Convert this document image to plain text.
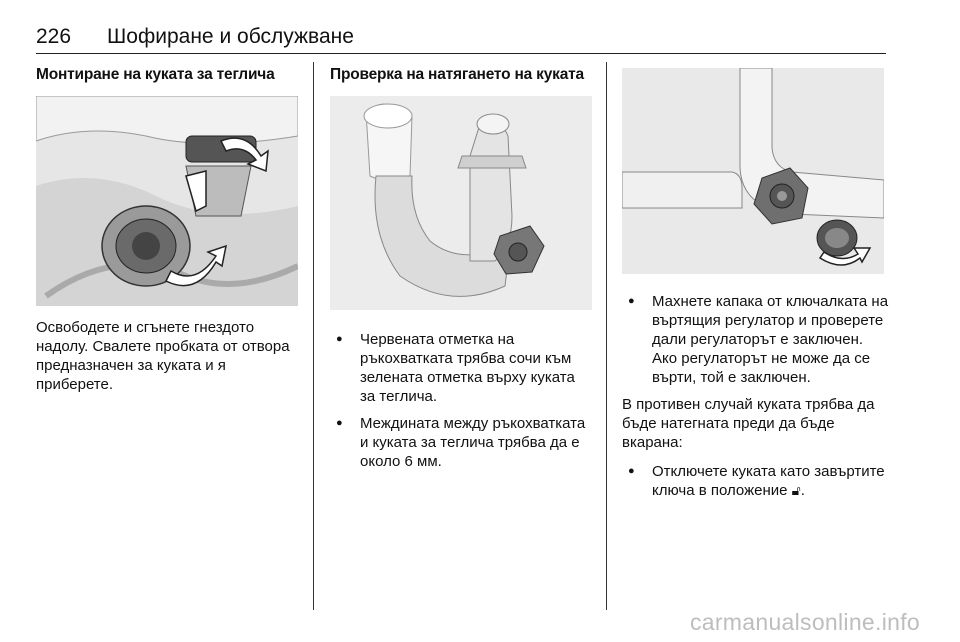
226 Шофиране и обслужване
Монтиране на куката за теглича
Освободете и сгънете гнездото надолу. Свалете пробката от отвора предназначен за куката и я приберете.
Проверка на натягането на куката
● Червената отметка на ръкохватката трябва сочи към зелената отметка върху куката за теглича.
● Междината между ръкохватката и куката за теглича трябва да е около 6 мм.
● Махнете капака от ключалката на въртящия регулатор и проверете дали регулаторът е заключен. Ако регулаторът не може да се върти, той е заключен.
В противен случай куката трябва да бъде натегната преди да бъде вкарана:
● Отключете куката като завъртите ключа в положение 🔓︎.
carmanualsonline.info
